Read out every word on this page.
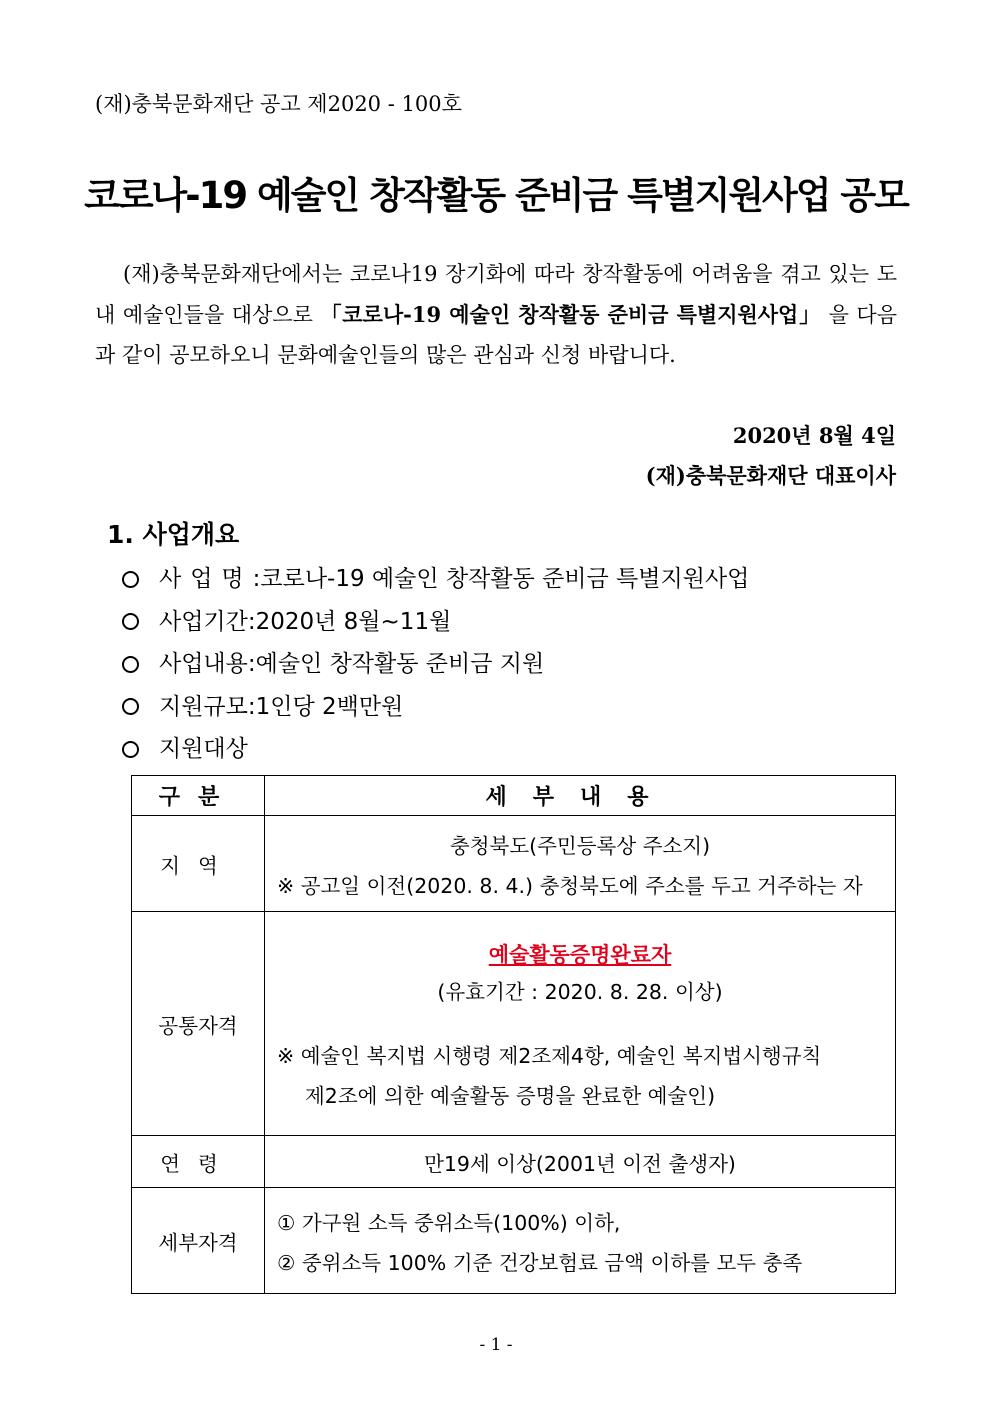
(재)충북문화재단 공고 제2020 - 100호
코로나-19 예술인 창작활동 준비금 특별지원사업 공모
(재)충북문화재단에서는 코로나19 장기화에 따라 창작활동에 어려움을 겪고 있는 도내 예술인들을 대상으로 「코로나-19 예술인 창작활동 준비금 특별지원사업」 을 다음과 같이 공모하오니 문화예술인들의 많은 관심과 신청 바랍니다.
2020년 8월 4일
(재)충북문화재단 대표이사
1. 사업개요
사업명 : 코로나-19 예술인 창작활동 준비금 특별지원사업
사업기간 : 2020년 8월~11월
사업내용 : 예술인 창작활동 준비금 지원
지원규모 : 1인당 2백만원
지원대상
구분	세부내용
지역	충청북도(주민등록상 주소지)
※ 공고일 이전(2020. 8. 4.) 충청북도에 주소를 두고 거주하는 자

공통자격	예술활동증명완료자
(유효기간 : 2020. 8. 28. 이상)
※ 예술인 복지법 시행령 제2조제4항, 예술인 복지법시행규칙
제2조에 의한 예술활동 증명을 완료한 예술인)

연령	만19세 이상(2001년 이전 출생자)
세부자격	① 가구원 소득 중위소득(100%) 이하,
② 중위소득 100% 기준 건강보험료 금액 이하를 모두 충족
- 1 -
